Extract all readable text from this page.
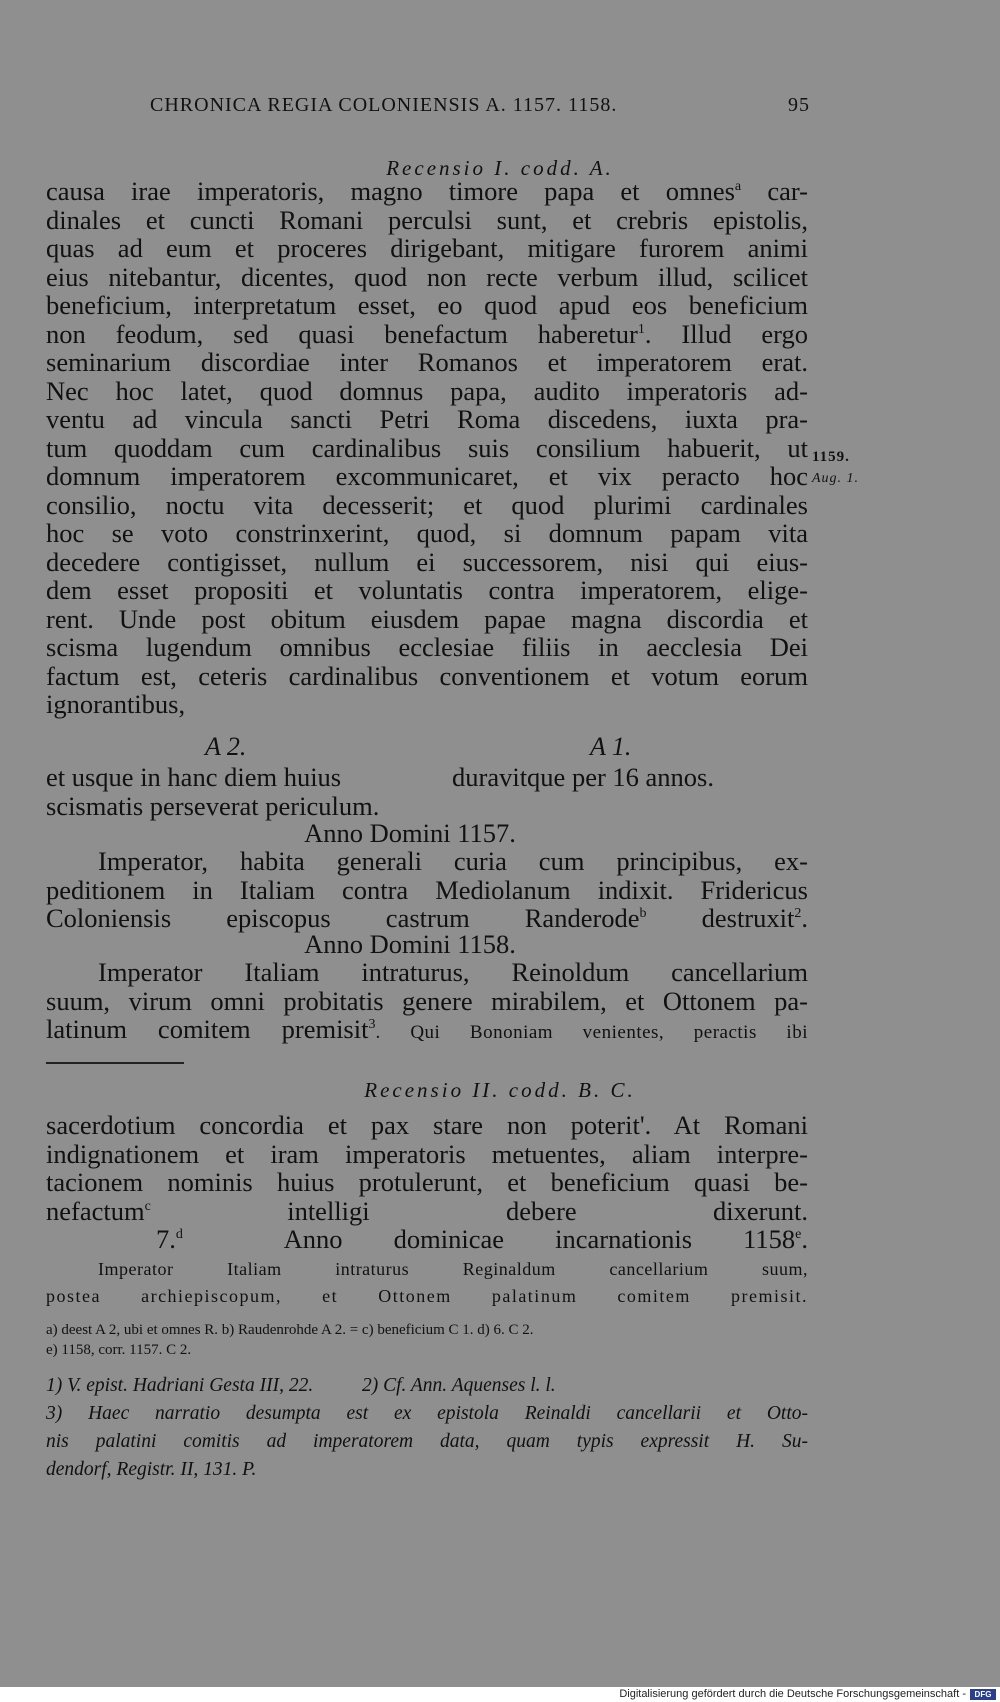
CHRONICA REGIA COLONIENSIS A. 1157. 1158.	95
Recensio I. codd. A.
causa irae imperatoris, magno timore papa et omnes$^a$ car-
dinales et cuncti Romani perculsi sunt, et crebris epistolis,
quas ad eum et proceres dirigebant, mitigare furorem animi
eius nitebantur, dicentes, quod non recte verbum illud, scilicet
beneficium, interpretatum esset, eo quod apud eos beneficium
non feodum, sed quasi benefactum haberetur$^1$. Illud ergo
seminarium discordiae inter Romanos et imperatorem erat.
Nec hoc latet, quod domnus papa, audito imperatoris ad-
ventu ad vincula sancti Petri Roma discedens, iuxta pra-
tum quoddam cum cardinalibus suis consilium habuerit, ut
domnum imperatorem excommunicaret, et vix peracto hoc
consilio, noctu vita decesserit; et quod plurimi cardinales
hoc se voto constrinxerint, quod, si domnum papam vita
decedere contigisset, nullum ei successorem, nisi qui eius-
dem esset propositi et voluntatis contra imperatorem, elige-
rent. Unde post obitum eiusdem papae magna discordia et
scisma lugendum omnibus ecclesiae filiis in aecclesia Dei
factum est, ceteris cardinalibus conventionem et votum eorum
ignorantibus,
1159.
Aug. 1.
A 2.	A 1.
et usque in hanc diem huius
scismatis perseverat periculum.
duravitque per 16 annos.
Anno Domini 1157.
Imperator, habita generali curia cum principibus, ex-
peditionem in Italiam contra Mediolanum indixit. Fridericus
Coloniensis episcopus castrum Randerode$^b$ destruxit$^2$.
Anno Domini 1158.
Imperator Italiam intraturus, Reinoldum cancellarium
suum, virum omni probitatis genere mirabilem, et Ottonem pa-
latinum comitem premisit$^3$. Qui Bononiam venientes, peractis ibi
Recensio II. codd. B. C.
sacerdotium concordia et pax stare non poterit'. At Romani
indignationem et iram imperatoris metuentes, aliam interpre-
tacionem nominis huius protulerunt, et beneficium quasi be-
nefactum$^c$ intelligi debere dixerunt.
7.$^d$	Anno dominicae incarnationis 1158e.
Imperator Italiam intraturus Reginaldum cancellarium suum,
postea archiepiscopum, et Ottonem palatinum comitem premisit.
a) deest A 2, ubi et omnes R. b) Raudenrohde A 2. = c) beneficium C 1. d) 6. C 2.
e) 1158, corr. 1157. C 2.
1) V. epist. Hadriani Gesta III, 22.          2) Cf. Ann. Aquenses l. l.
3) Haec narratio desumpta est ex epistola Reinaldi cancellarii et Otto-
nis palatini comitis ad imperatorem data, quam typis expressit H. Su-
dendorf, Registr. II, 131. P.
Digitalisierung gefördert durch die Deutsche Forschungsgemeinschaft -	DFG
